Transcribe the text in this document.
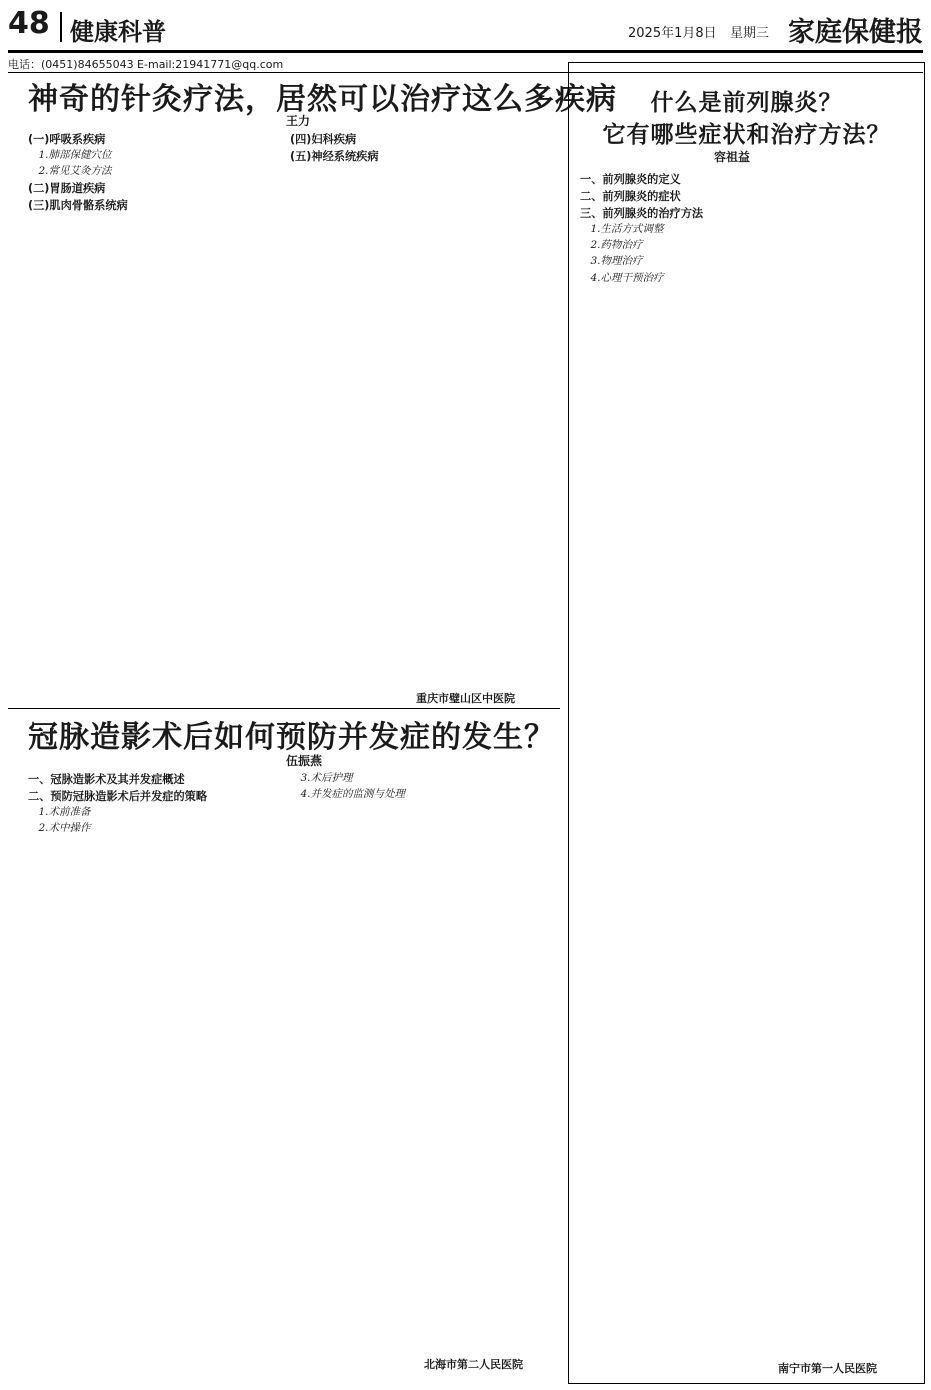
48 健康科普	2025年1月8日 星期三 家庭保健报
电话：(0451)84655043 E-mail:21941771@qq.com
神奇的针灸疗法，居然可以治疗这么多疾病
王力
(一)呼吸系疾病
1.肺部保健穴位
2.常见艾灸方法
(二)胃肠道疾病
(三)肌肉骨骼系统病
(四)妇科疾病
(五)神经系统疾病
重庆市璧山区中医院
冠脉造影术后如何预防并发症的发生？
伍振燕
一、冠脉造影术及其并发症概述
二、预防冠脉造影术后并发症的策略
1.术前准备
2.术中操作
3.术后护理
4.并发症的监测与处理
北海市第二人民医院
什么是前列腺炎？
它有哪些症状和治疗方法？
容祖益
一、前列腺炎的定义
二、前列腺炎的症状
三、前列腺炎的治疗方法
1.生活方式调整
2.药物治疗
3.物理治疗
4.心理干预治疗
南宁市第一人民医院
